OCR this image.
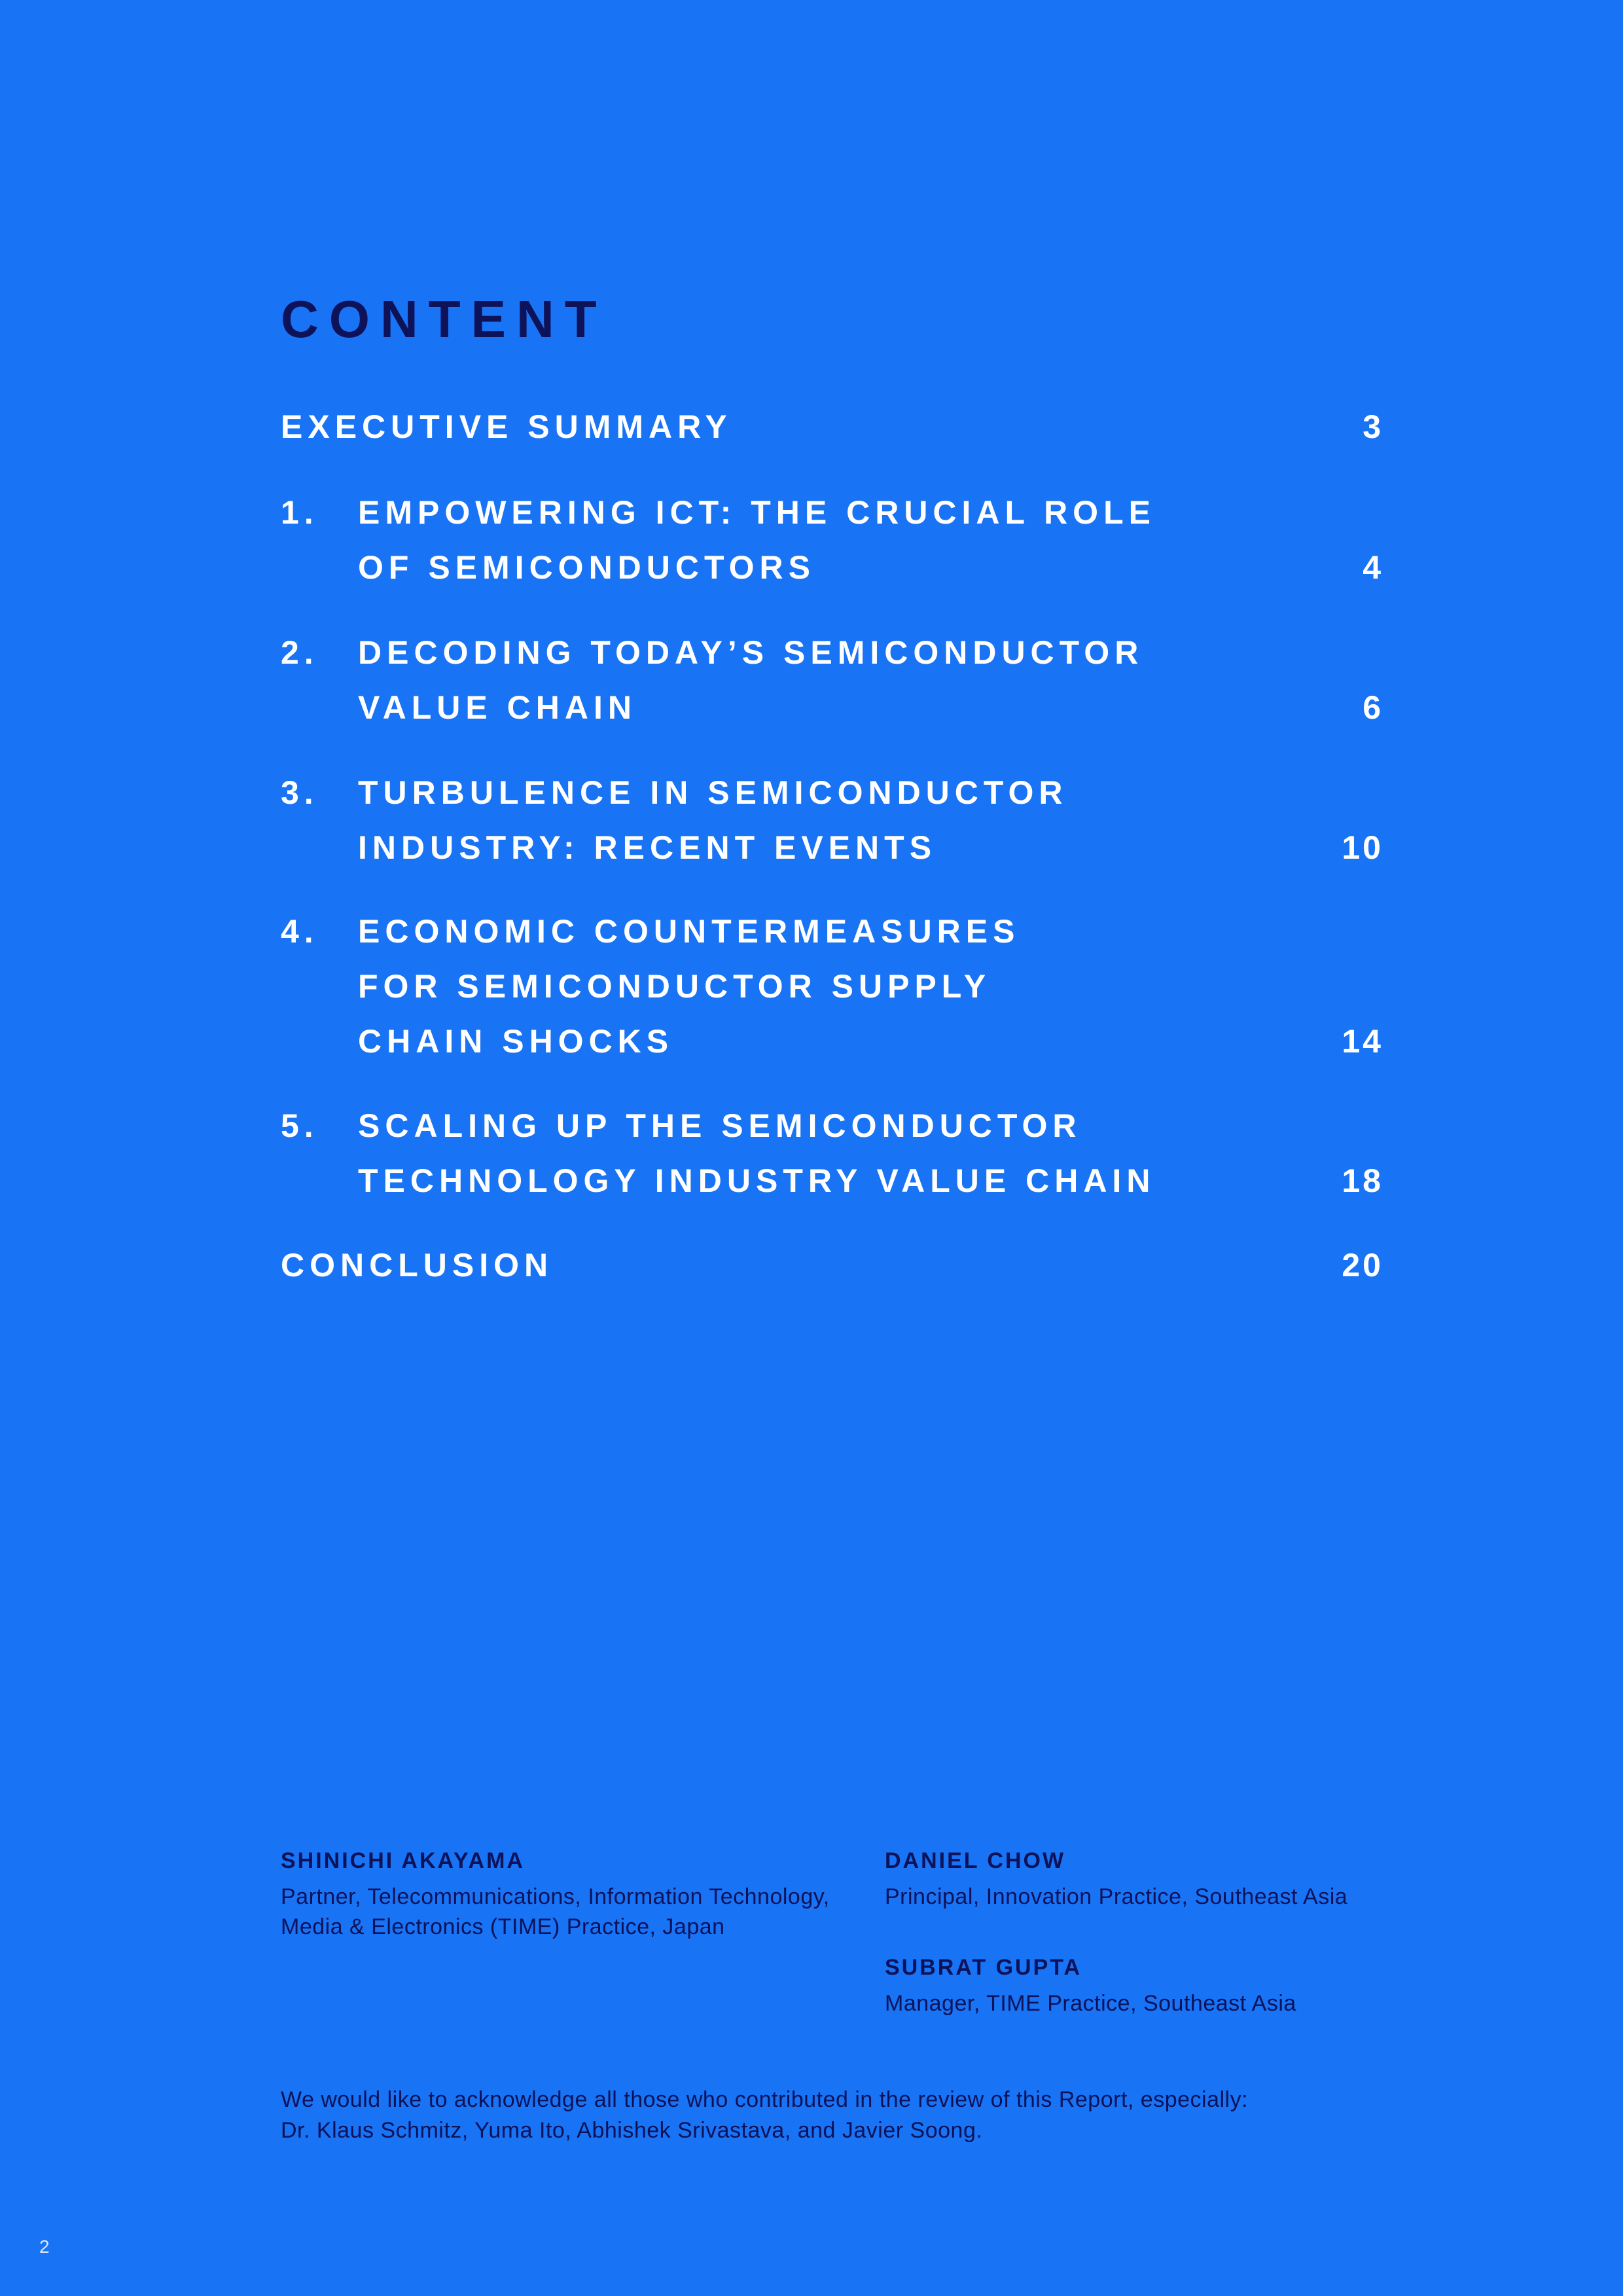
CONTENT
EXECUTIVE SUMMARY	3
1. EMPOWERING ICT: THE CRUCIAL ROLE
OF SEMICONDUCTORS	4
2. DECODING TODAY’S SEMICONDUCTOR
VALUE CHAIN	6
3. TURBULENCE IN SEMICONDUCTOR
INDUSTRY: RECENT EVENTS	10
4. ECONOMIC COUNTERMEASURES
FOR SEMICONDUCTOR SUPPLY
CHAIN SHOCKS	14
5. SCALING UP THE SEMICONDUCTOR
TECHNOLOGY INDUSTRY VALUE CHAIN	18
CONCLUSION	20
SHINICHI AKAYAMA
Partner, Telecommunications, Information Technology, Media & Electronics (TIME) Practice, Japan
DANIEL CHOW
Principal, Innovation Practice, Southeast Asia
SUBRAT GUPTA
Manager, TIME Practice, Southeast Asia
We would like to acknowledge all those who contributed in the review of this Report, especially:
Dr. Klaus Schmitz, Yuma Ito, Abhishek Srivastava, and Javier Soong.
2
